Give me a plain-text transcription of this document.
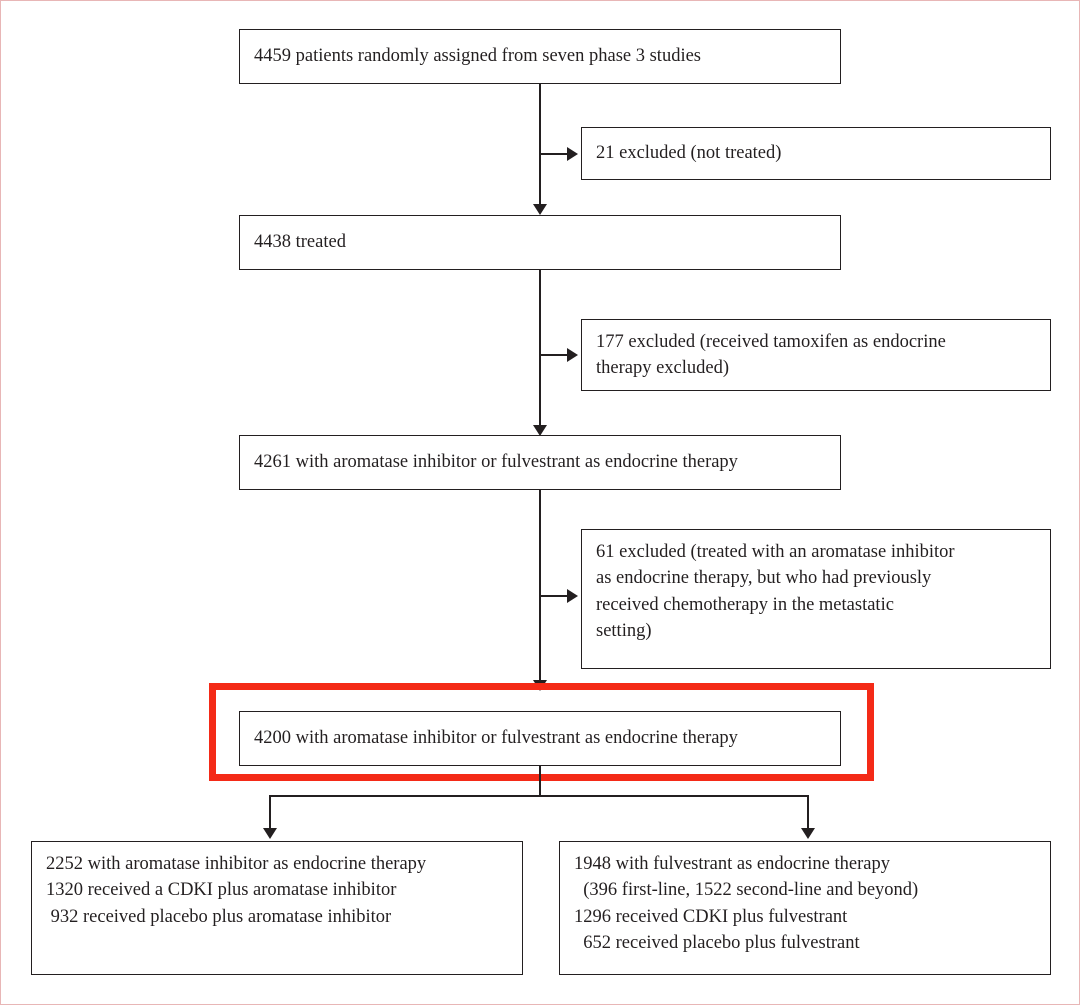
4459 patients randomly assigned from seven phase 3 studies
21 excluded (not treated)
4438 treated
177 excluded (received tamoxifen as endocrine
therapy excluded)
4261 with aromatase inhibitor or fulvestrant as endocrine therapy
61 excluded (treated with an aromatase inhibitor
as endocrine therapy, but who had previously
received chemotherapy in the metastatic
setting)
4200 with aromatase inhibitor or fulvestrant as endocrine therapy
2252 with aromatase inhibitor as endocrine therapy
1320 received a CDKI plus aromatase inhibitor
932 received placebo plus aromatase inhibitor
1948 with fulvestrant as endocrine therapy
(396 first-line, 1522 second-line and beyond)
1296 received CDKI plus fulvestrant
652 received placebo plus fulvestrant
